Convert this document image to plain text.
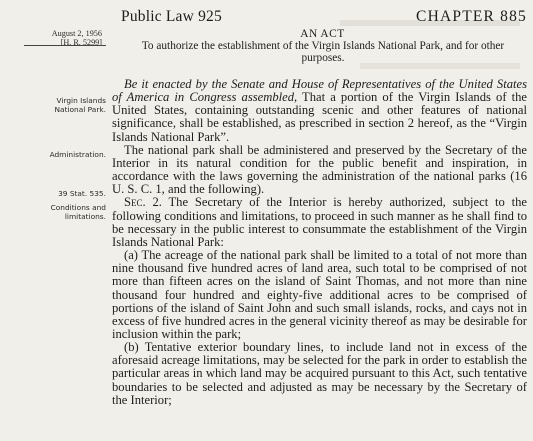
Public Law 925	CHAPTER 885
August 2, 1956
[H. R. 5299]
Virgin Islands
National Park.
Administration.
39 Stat. 535.
Conditions and
limitations.
AN ACT
To authorize the establishment of the Virgin Islands National Park, and for other purposes.

Be it enacted by the Senate and House of Representatives of the United States of America in Congress assembled, That a portion of the Virgin Islands of the United States, containing outstanding scenic and other features of national significance, shall be established, as prescribed in section 2 hereof, as the “Virgin Islands National Park”.

The national park shall be administered and preserved by the Secretary of the Interior in its natural condition for the public benefit and inspiration, in accordance with the laws governing the administration of the national parks (16 U. S. C. 1, and the following).

Sec. 2. The Secretary of the Interior is hereby authorized, subject to the following conditions and limitations, to proceed in such manner as he shall find to be necessary in the public interest to consummate the establishment of the Virgin Islands National Park:

(a) The acreage of the national park shall be limited to a total of not more than nine thousand five hundred acres of land area, such total to be comprised of not more than fifteen acres on the island of Saint Thomas, and not more than nine thousand four hundred and eighty-five additional acres to be comprised of portions of the island of Saint John and such small islands, rocks, and cays not in excess of five hundred acres in the general vicinity thereof as may be desirable for inclusion within the park;

(b) Tentative exterior boundary lines, to include land not in excess of the aforesaid acreage limitations, may be selected for the park in order to establish the particular areas in which land may be acquired pursuant to this Act, such tentative boundaries to be selected and adjusted as may be necessary by the Secretary of the Interior;
